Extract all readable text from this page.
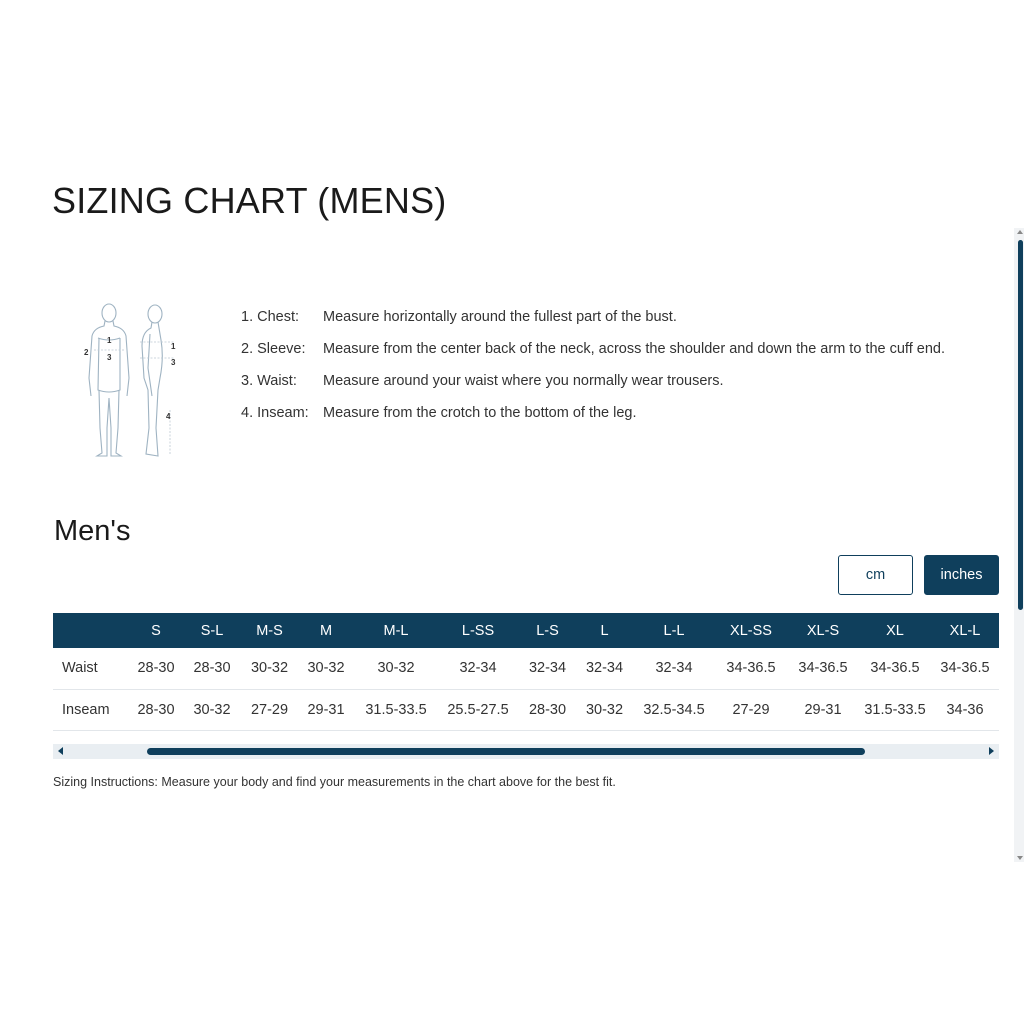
SIZING CHART (MENS)
1
2
3
1
3
4
1. Chest:	Measure horizontally around the fullest part of the bust.
2. Sleeve:	Measure from the center back of the neck, across the shoulder and down the arm to the cuff end.
3. Waist:	Measure around your waist where you normally wear trousers.
4. Inseam: Measure from the crotch to the bottom of the leg.
Men's
cm	inches
	S	S-L	M-S	M	M-L	L-SS	L-S	L	L-L	XL-SS	XL-S	XL	XL-L
Waist	28-30	28-30	30-32	30-32	30-32	32-34	32-34	32-34	32-34	34-36.5	34-36.5	34-36.5	34-36.5
Inseam	28-30	30-32	27-29	29-31	31.5-33.5	25.5-27.5	28-30	30-32	32.5-34.5	27-29	29-31	31.5-33.5	34-36
Sizing Instructions: Measure your body and find your measurements in the chart above for the best fit.
